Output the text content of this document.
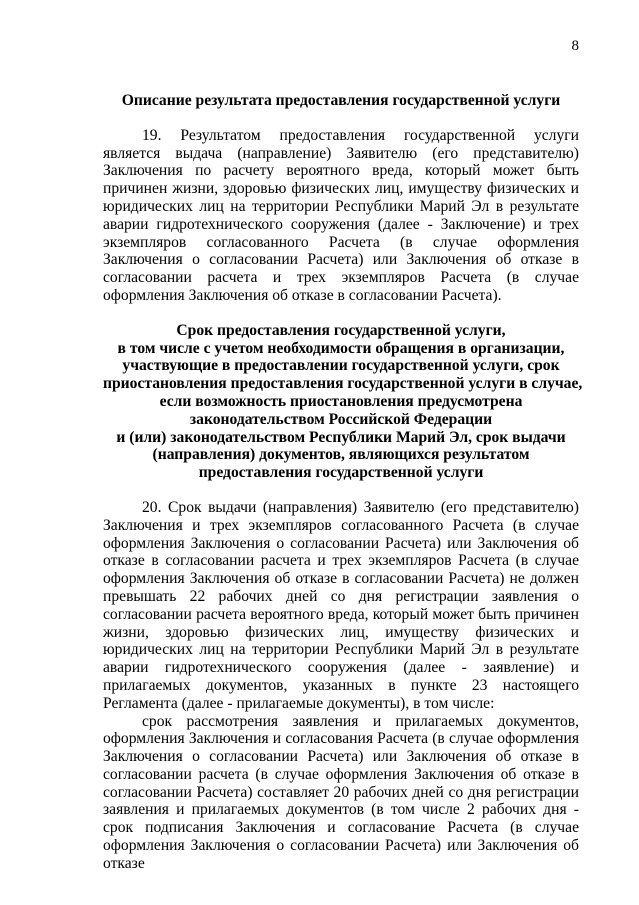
8

Описание результата предоставления государственной услуги

19. Результатом предоставления государственной услуги является выдача (направление) Заявителю (его представителю) Заключения по расчету вероятного вреда, который может быть причинен жизни, здоровью физических лиц, имуществу физических и юридических лиц на территории Республики Марий Эл в результате аварии гидротехнического сооружения (далее - Заключение) и трех экземпляров согласованного Расчета (в случае оформления Заключения о согласовании Расчета) или Заключения об отказе в согласовании расчета и трех экземпляров Расчета (в случае оформления Заключения об отказе в согласовании Расчета).

Срок предоставления государственной услуги,
в том числе с учетом необходимости обращения в организации,
участвующие в предоставлении государственной услуги, срок
приостановления предоставления государственной услуги в случае,
если возможность приостановления предусмотрена
законодательством Российской Федерации
и (или) законодательством Республики Марий Эл, срок выдачи
(направления) документов, являющихся результатом
предоставления государственной услуги

20. Срок выдачи (направления) Заявителю (его представителю) Заключения и трех экземпляров согласованного Расчета (в случае оформления Заключения о согласовании Расчета) или Заключения об отказе в согласовании расчета и трех экземпляров Расчета (в случае оформления Заключения об отказе в согласовании Расчета) не должен превышать 22 рабочих дней со дня регистрации заявления о согласовании расчета вероятного вреда, который может быть причинен жизни, здоровью физических лиц, имуществу физических и юридических лиц на территории Республики Марий Эл в результате аварии гидротехнического сооружения (далее - заявление) и прилагаемых документов, указанных в пункте 23 настоящего Регламента (далее - прилагаемые документы), в том числе:

срок рассмотрения заявления и прилагаемых документов, оформления Заключения и согласования Расчета (в случае оформления Заключения о согласовании Расчета) или Заключения об отказе в согласовании расчета (в случае оформления Заключения об отказе в согласовании Расчета) составляет 20 рабочих дней со дня регистрации заявления и прилагаемых документов (в том числе 2 рабочих дня - срок подписания Заключения и согласование Расчета (в случае оформления Заключения о согласовании Расчета) или Заключения об отказе
